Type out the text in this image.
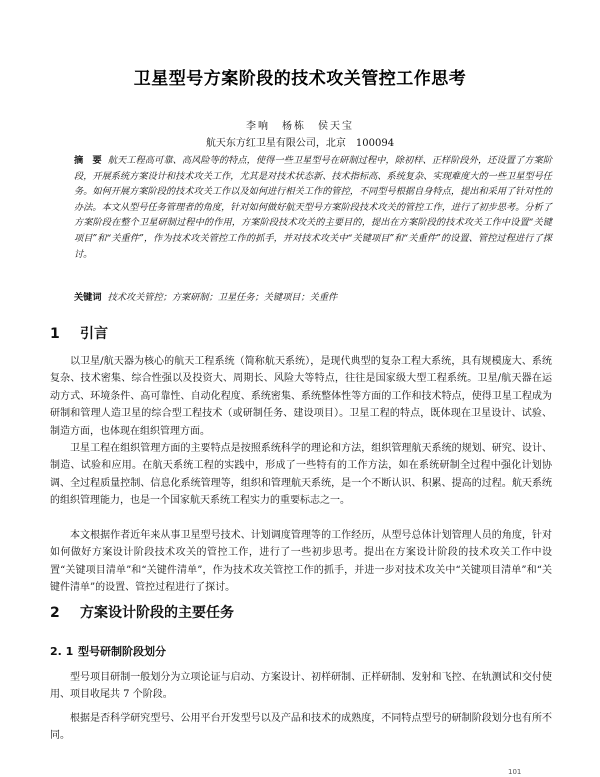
卫星型号方案阶段的技术攻关管控工作思考
李响　杨栋　侯天宝
航天东方红卫星有限公司，北京　100094
摘　要 航天工程高可靠、高风险等的特点，使得一些卫星型号在研制过程中，除初样、正样阶段外，还设置了方案阶段，开展系统方案设计和技术攻关工作，尤其是对技术状态新、技术指标高、系统复杂、实现难度大的一些卫星型号任务。如何开展方案阶段的技术攻关工作以及如何进行相关工作的管控，不同型号根据自身特点，提出和采用了针对性的办法。本文从型号任务管理者的角度，针对如何做好航天型号方案阶段技术攻关的管控工作，进行了初步思考。分析了方案阶段在整个卫星研制过程中的作用，方案阶段技术攻关的主要目的，提出在方案阶段的技术攻关工作中设置“关键项目”和“关重件”，作为技术攻关管控工作的抓手，并对技术攻关中“关键项目”和“关重件”的设置、管控过程进行了探讨。
关键词 技术攻关管控；方案研制；卫星任务；关键项目；关重件
1 引言
以卫星/航天器为核心的航天工程系统（简称航天系统），是现代典型的复杂工程大系统，具有规模庞大、系统复杂、技术密集、综合性强以及投资大、周期长、风险大等特点，往往是国家级大型工程系统。卫星/航天器在运动方式、环境条件、高可靠性、自动化程度、系统密集、系统整体性等方面的工作和技术特点，使得卫星工程成为研制和管理人造卫星的综合型工程技术（或研制任务、建设项目）。卫星工程的特点，既体现在卫星设计、试验、制造方面，也体现在组织管理方面。
卫星工程在组织管理方面的主要特点是按照系统科学的理论和方法，组织管理航天系统的规划、研究、设计、制造、试验和应用。在航天系统工程的实践中，形成了一些特有的工作方法，如在系统研制全过程中强化计划协调、全过程质量控制、信息化系统管理等，组织和管理航天系统，是一个不断认识、积累、提高的过程。航天系统的组织管理能力，也是一个国家航天系统工程实力的重要标志之一。
本文根据作者近年来从事卫星型号技术、计划调度管理等的工作经历，从型号总体计划管理人员的角度，针对如何做好方案设计阶段技术攻关的管控工作，进行了一些初步思考。提出在方案设计阶段的技术攻关工作中设置“关键项目清单”和“关键件清单”，作为技术攻关管控工作的抓手，并进一步对技术攻关中“关键项目清单”和“关键件清单”的设置、管控过程进行了探讨。
2 方案设计阶段的主要任务
2. 1 型号研制阶段划分
型号项目研制一般划分为立项论证与启动、方案设计、初样研制、正样研制、发射和飞控、在轨测试和交付使用、项目收尾共 7 个阶段。
根据是否科学研究型号、公用平台开发型号以及产品和技术的成熟度，不同特点型号的研制阶段划分也有所不同。
101
